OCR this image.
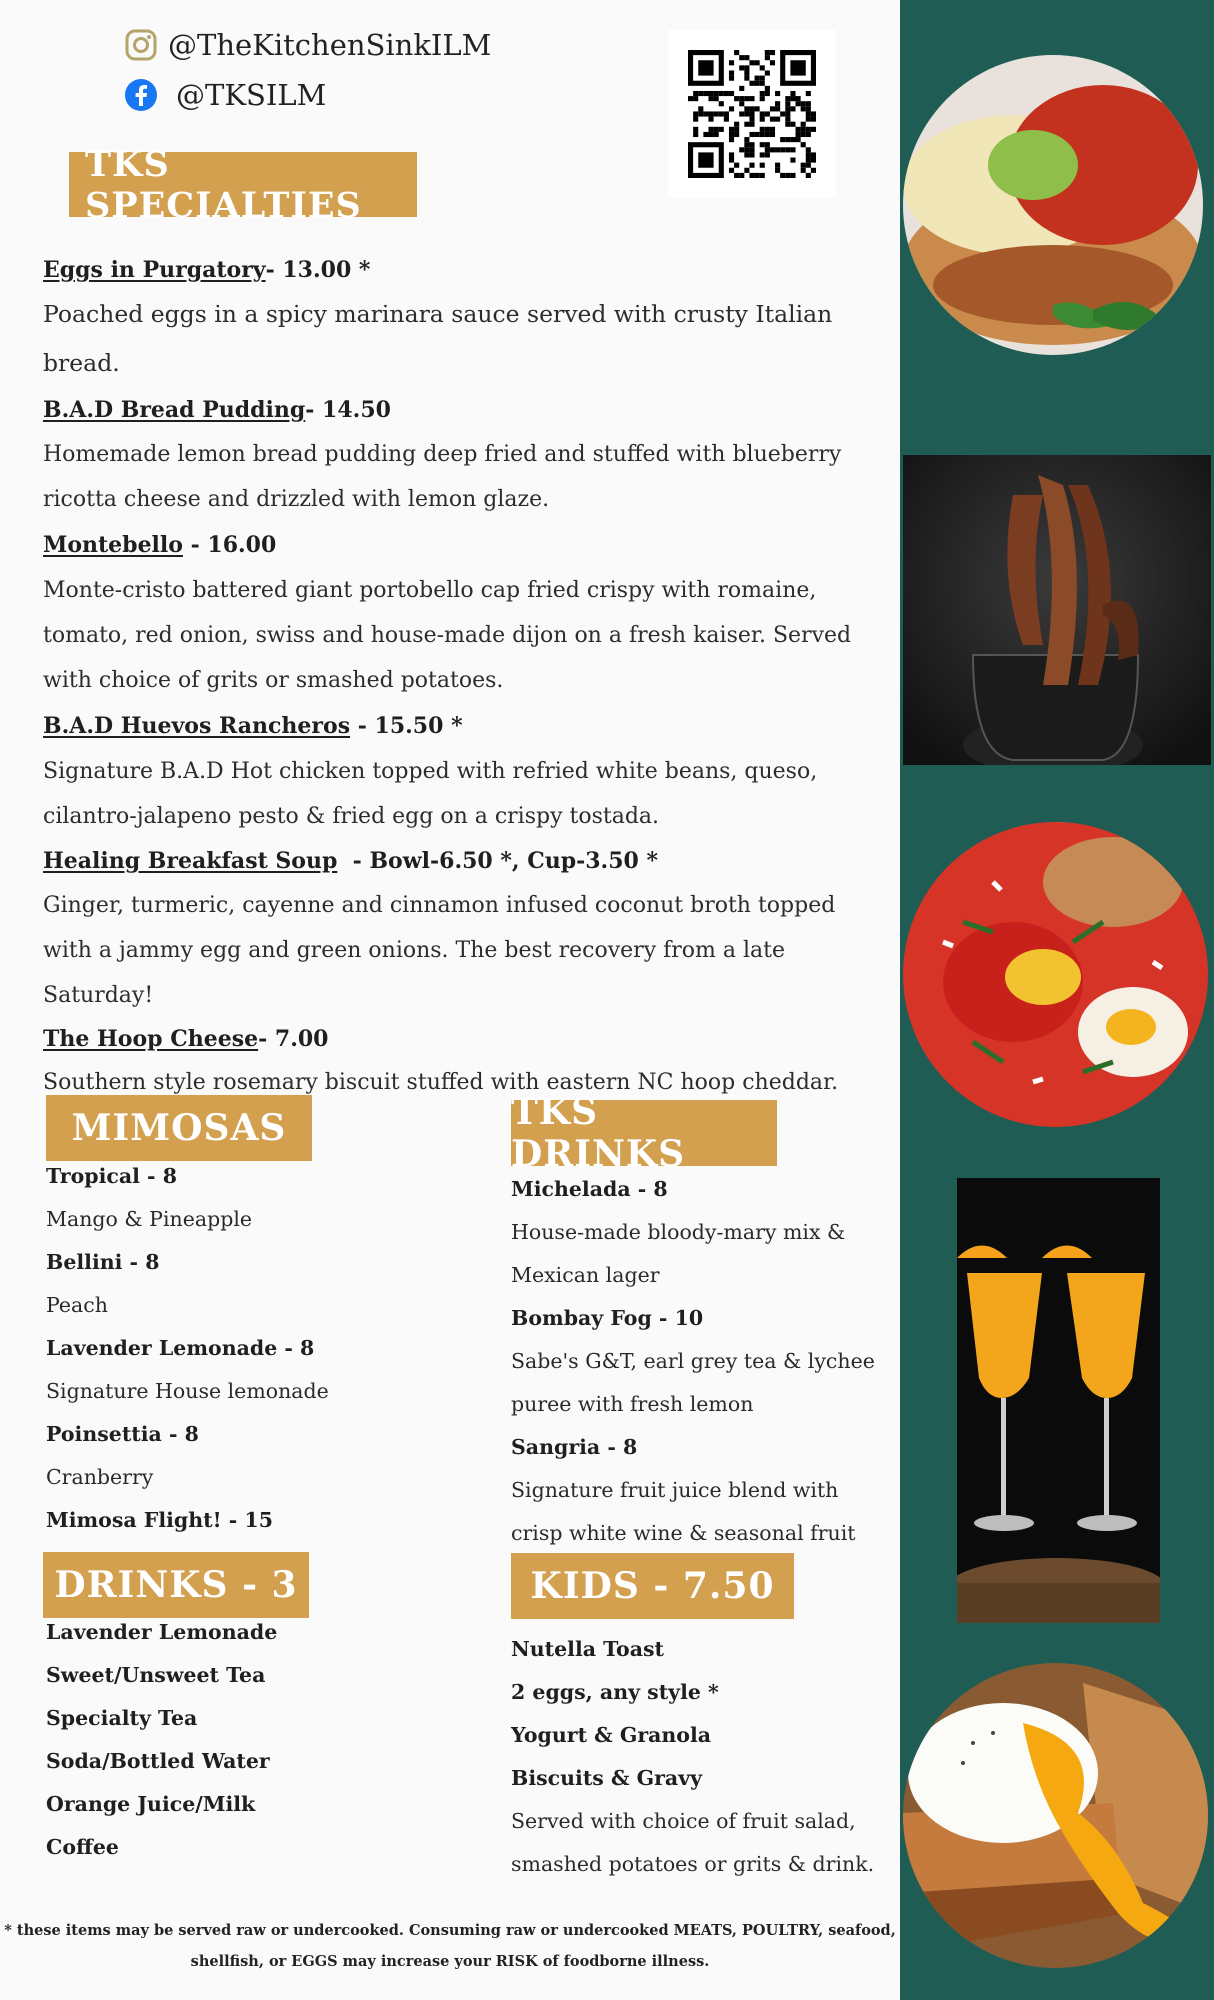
@TheKitchenSinkILM
@TKSILM
TKS SPECIALTIES
Eggs in Purgatory- 13.00 *
Poached eggs in a spicy marinara sauce served with crusty Italian bread.
B.A.D Bread Pudding- 14.50
Homemade lemon bread pudding deep fried and stuffed with blueberry ricotta cheese and drizzled with lemon glaze.
Montebello - 16.00
Monte-cristo battered giant portobello cap fried crispy with romaine, tomato, red onion, swiss and house-made dijon on a fresh kaiser. Served with choice of grits or smashed potatoes.
B.A.D Huevos Rancheros - 15.50 *
Signature B.A.D Hot chicken topped with refried white beans, queso, cilantro-jalapeno pesto & fried egg on a crispy tostada.
Healing Breakfast Soup  - Bowl-6.50 *, Cup-3.50 *
Ginger, turmeric, cayenne and cinnamon infused coconut broth topped with a jammy egg and green onions. The best recovery from a late Saturday!
The Hoop Cheese- 7.00
Southern style rosemary biscuit stuffed with eastern NC hoop cheddar.
MIMOSAS
Tropical - 8
Mango & Pineapple
Bellini - 8
Peach
Lavender Lemonade - 8
Signature House lemonade
Poinsettia - 8
Cranberry
Mimosa Flight! - 15
TKS DRINKS
Michelada - 8
House-made bloody-mary mix &
Mexican lager
Bombay Fog - 10
Sabe's G&T, earl grey tea & lychee
puree with fresh lemon
Sangria - 8
Signature fruit juice blend with
crisp white wine & seasonal fruit
DRINKS - 3
Lavender Lemonade
Sweet/Unsweet Tea
Specialty Tea
Soda/Bottled Water
Orange Juice/Milk
Coffee
KIDS - 7.50
Nutella Toast
2 eggs, any style *
Yogurt & Granola
Biscuits & Gravy
Served with choice of fruit salad,
smashed potatoes or grits & drink.
* these items may be served raw or undercooked. Consuming raw or undercooked MEATS, POULTRY, seafood,
shellfish, or EGGS may increase your RISK of foodborne illness.
